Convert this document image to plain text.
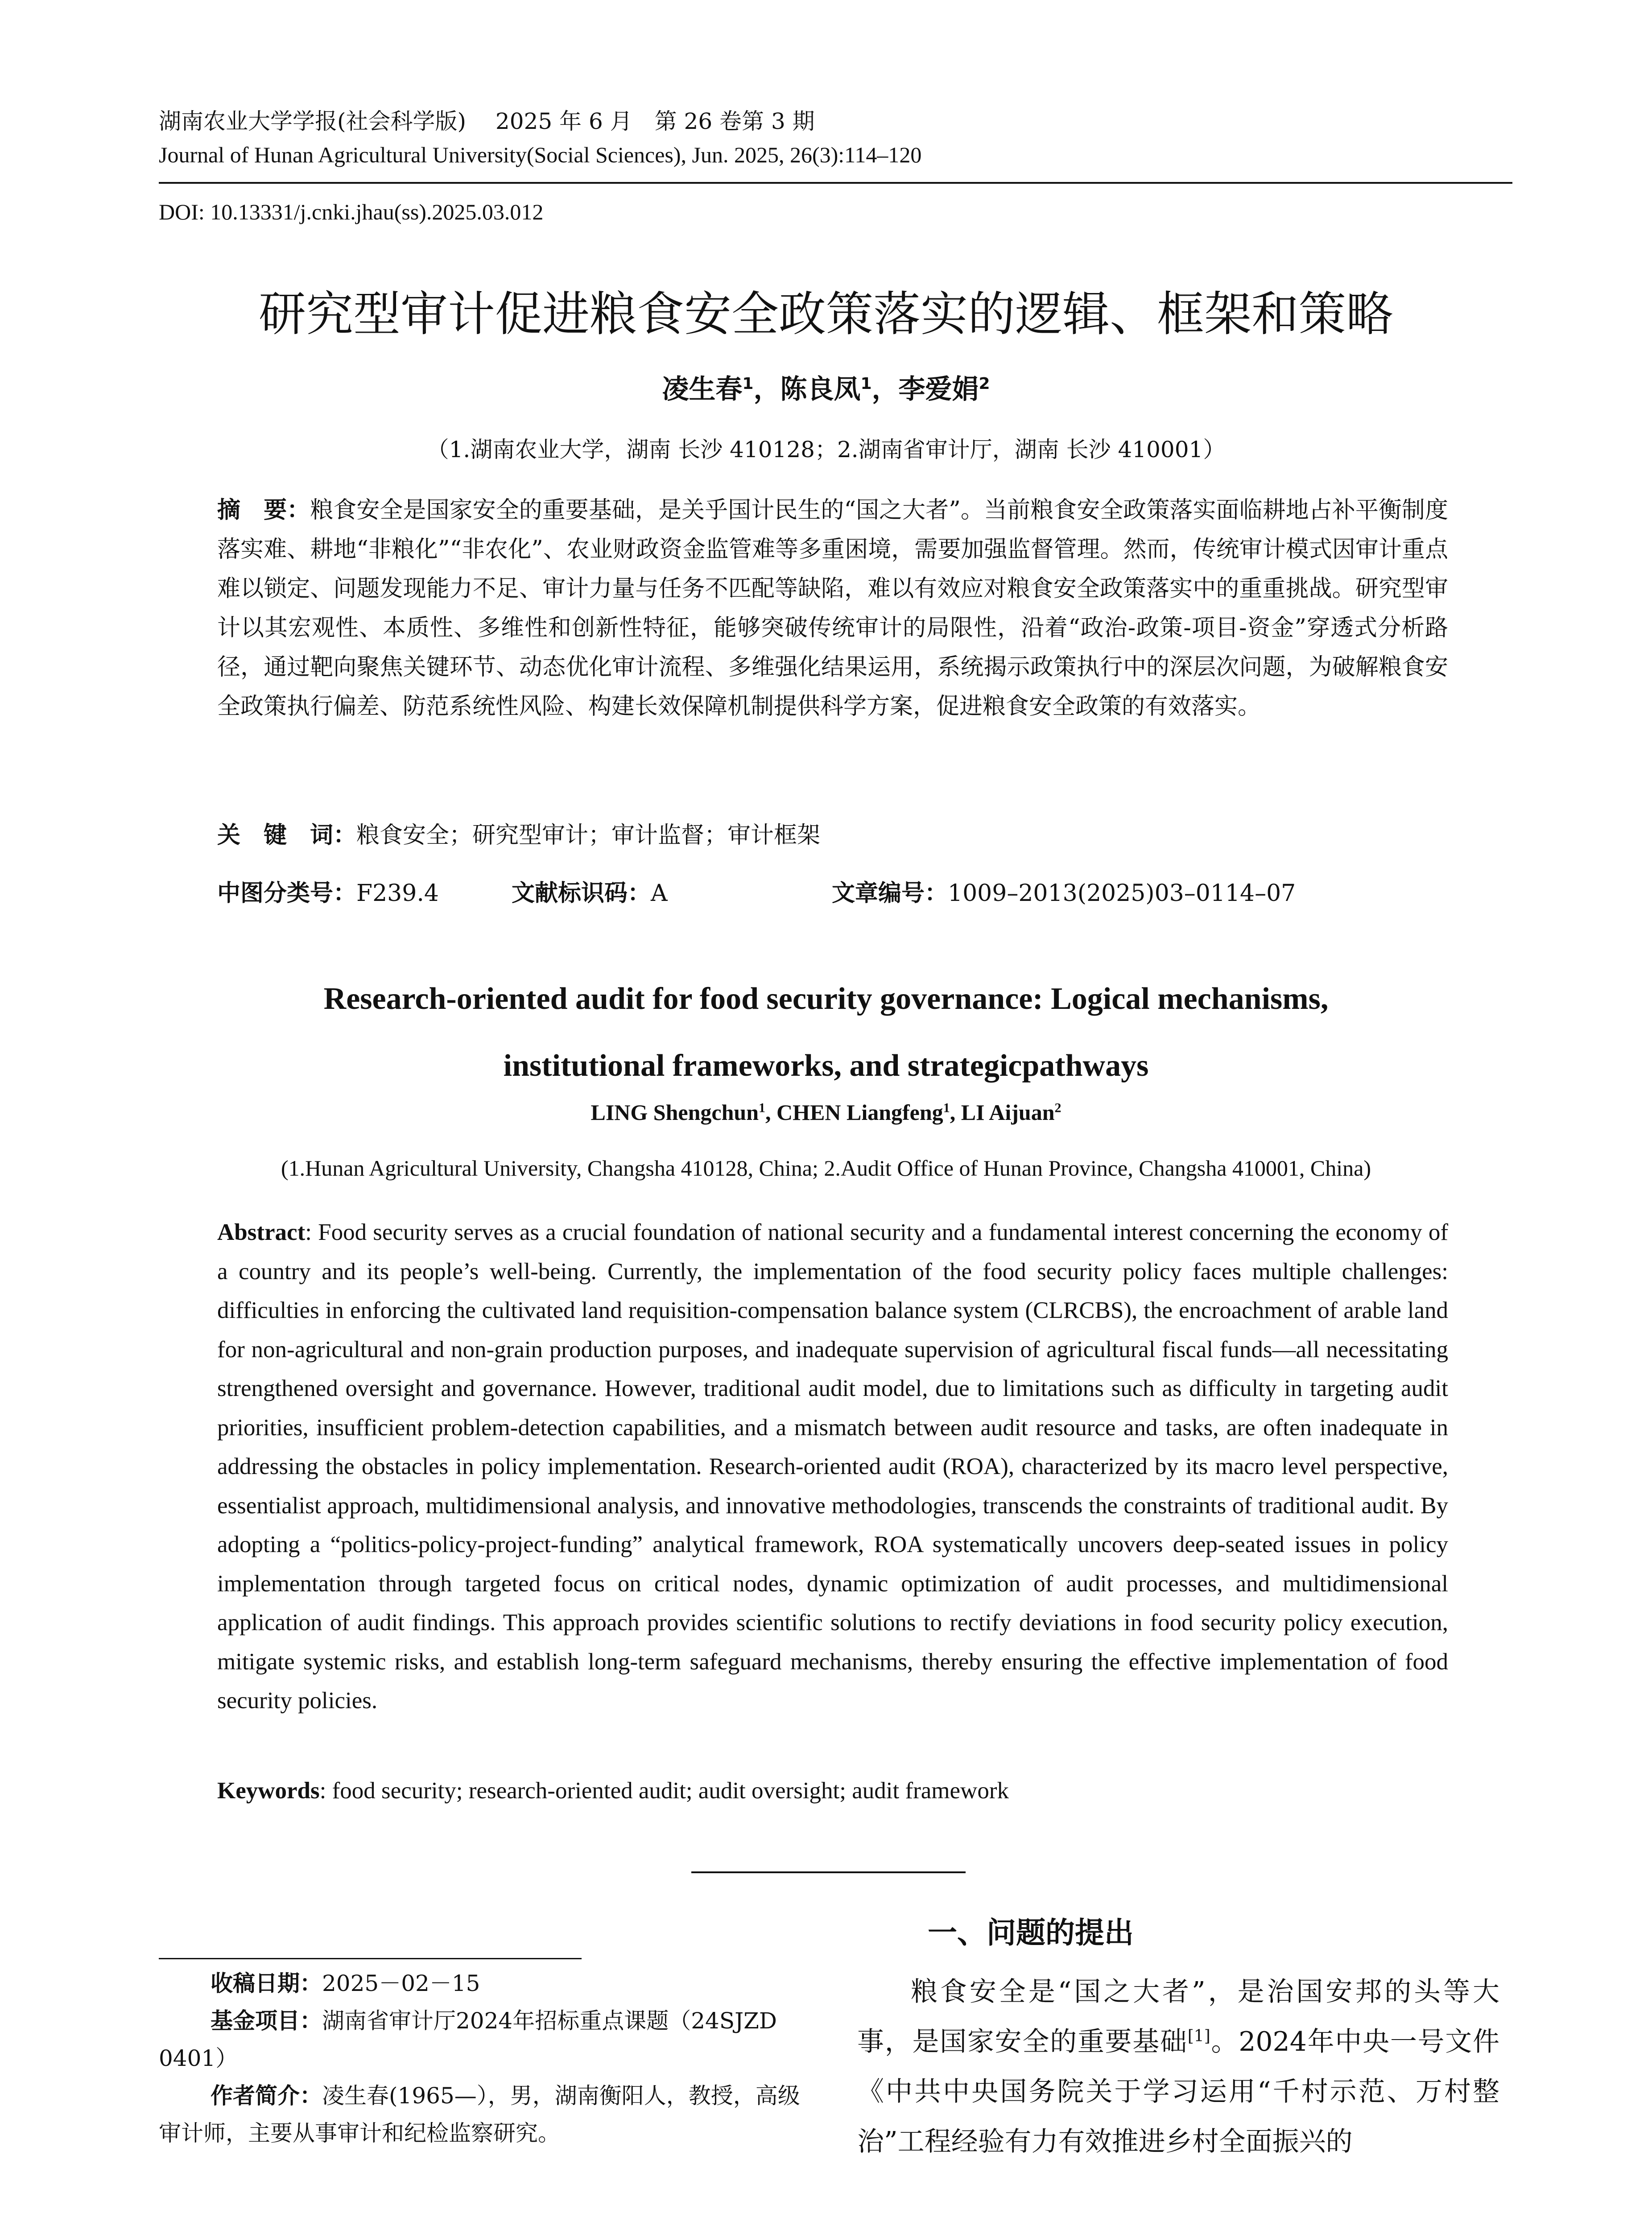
湖南农业大学学报(社会科学版)　 2025 年 6 月　第 26 卷第 3 期
Journal of Hunan Agricultural University(Social Sciences), Jun. 2025, 26(3):114–120
DOI: 10.13331/j.cnki.jhau(ss).2025.03.012
研究型审计促进粮食安全政策落实的逻辑、框架和策略
凌生春$^1$，陈良凤$^1$，李爱娟$^2$
（1.湖南农业大学，湖南 长沙 410128；2.湖南省审计厅，湖南 长沙 410001）
摘　要：粮食安全是国家安全的重要基础，是关乎国计民生的“国之大者”。当前粮食安全政策落实面临耕地占补平衡制度落实难、耕地“非粮化”“非农化”、农业财政资金监管难等多重困境，需要加强监督管理。然而，传统审计模式因审计重点难以锁定、问题发现能力不足、审计力量与任务不匹配等缺陷，难以有效应对粮食安全政策落实中的重重挑战。研究型审计以其宏观性、本质性、多维性和创新性特征，能够突破传统审计的局限性，沿着“政治-政策-项目-资金”穿透式分析路径，通过靶向聚焦关键环节、动态优化审计流程、多维强化结果运用，系统揭示政策执行中的深层次问题，为破解粮食安全政策执行偏差、防范系统性风险、构建长效保障机制提供科学方案，促进粮食安全政策的有效落实。
关　键　词：粮食安全；研究型审计；审计监督；审计框架
中图分类号：F239.4	文献标识码：A	文章编号：1009–2013(2025)03–0114–07
Research-oriented audit for food security governance: Logical mechanisms,
institutional frameworks, and strategicpathways
LING Shengchun$^1$, CHEN Liangfeng$^1$, LI Aijuan$^2$
(1.Hunan Agricultural University, Changsha 410128, China; 2.Audit Office of Hunan Province, Changsha 410001, China)
Abstract: Food security serves as a crucial foundation of national security and a fundamental interest concerning the economy of a country and its people’s well-being. Currently, the implementation of the food security policy faces multiple challenges: difficulties in enforcing the cultivated land requisition-compensation balance system (CLRCBS), the encroachment of arable land for non-agricultural and non-grain production purposes, and inadequate supervision of agricultural fiscal funds—all necessitating strengthened oversight and governance. However, traditional audit model, due to limitations such as difficulty in targeting audit priorities, insufficient problem-detection capabilities, and a mismatch between audit resource and tasks, are often inadequate in addressing the obstacles in policy implementation. Research-oriented audit (ROA), characterized by its macro level perspective, essentialist approach, multidimensional analysis, and innovative methodologies, transcends the constraints of traditional audit. By adopting a “politics-policy-project-funding” analytical framework, ROA systematically uncovers deep-seated issues in policy implementation through targeted focus on critical nodes, dynamic optimization of audit processes, and multidimensional application of audit findings. This approach provides scientific solutions to rectify deviations in food security policy execution, mitigate systemic risks, and establish long-term safeguard mechanisms, thereby ensuring the effective implementation of food security policies.
Keywords: food security; research-oriented audit; audit oversight; audit framework
收稿日期：2025－02－15
基金项目：湖南省审计厅2024年招标重点课题（24SJZD 0401）
作者简介：凌生春(1965—），男，湖南衡阳人，教授，高级审计师，主要从事审计和纪检监察研究。
一、问题的提出
粮食安全是“国之大者”，是治国安邦的头等大事，是国家安全的重要基础[1]。2024年中央一号文件《中共中央国务院关于学习运用“千村示范、万村整治”工程经验有力有效推进乡村全面振兴的
